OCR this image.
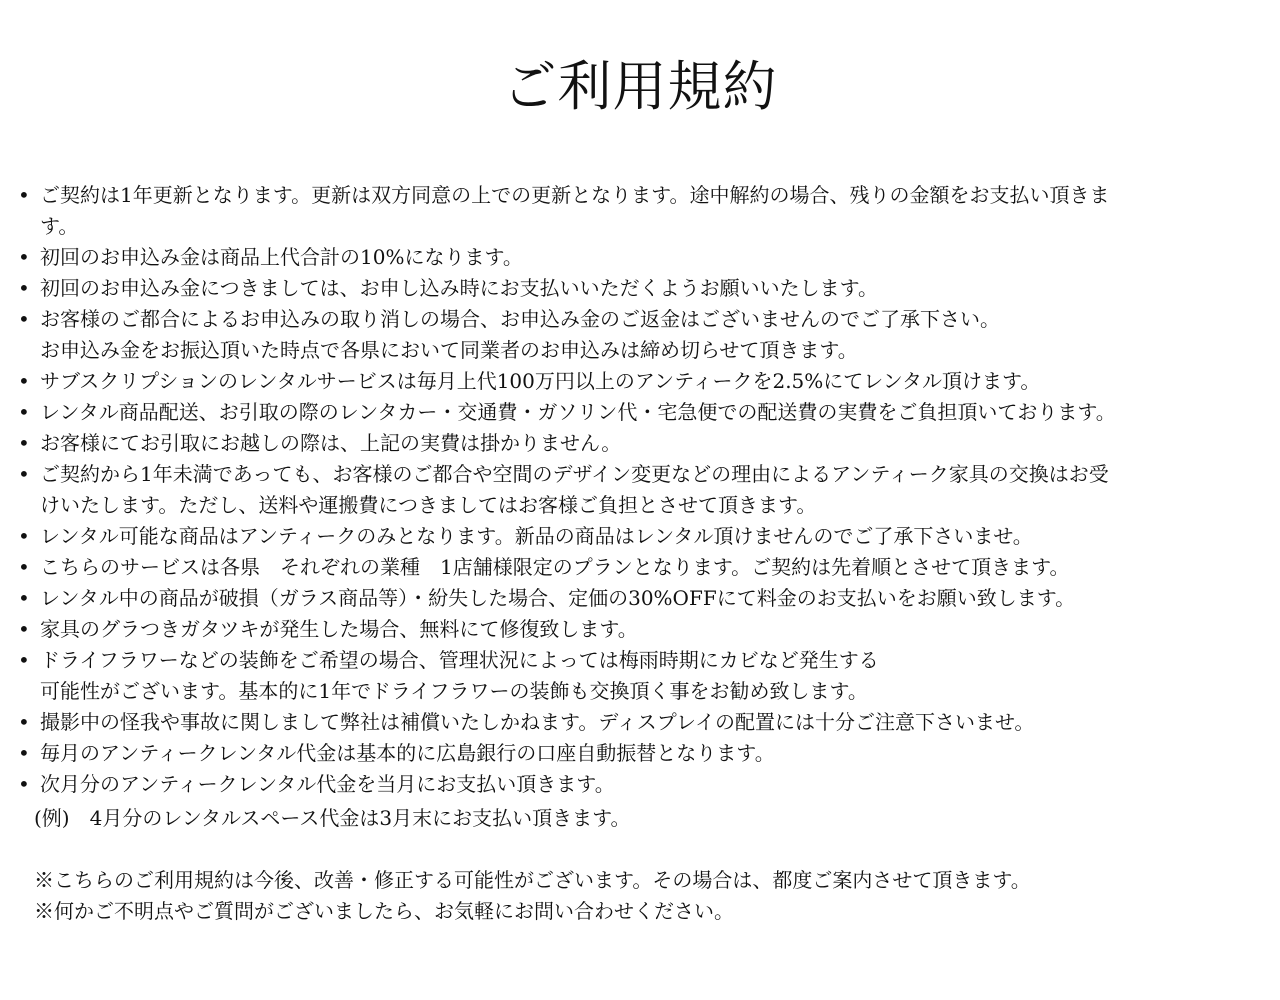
ご利用規約
• ご契約は1年更新となります。更新は双方同意の上での更新となります。途中解約の場合、残りの金額をお支払い頂きま
す。
• 初回のお申込み金は商品上代合計の10%になります。
• 初回のお申込み金につきましては、お申し込み時にお支払いいただくようお願いいたします。
• お客様のご都合によるお申込みの取り消しの場合、お申込み金のご返金はございませんのでご了承下さい。
お申込み金をお振込頂いた時点で各県において同業者のお申込みは締め切らせて頂きます。
• サブスクリプションのレンタルサービスは毎月上代100万円以上のアンティークを2.5%にてレンタル頂けます。
• レンタル商品配送、お引取の際のレンタカー・交通費・ガソリン代・宅急便での配送費の実費をご負担頂いております。
• お客様にてお引取にお越しの際は、上記の実費は掛かりません。
• ご契約から1年未満であっても、お客様のご都合や空間のデザイン変更などの理由によるアンティーク家具の交換はお受
けいたします。ただし、送料や運搬費につきましてはお客様ご負担とさせて頂きます。
• レンタル可能な商品はアンティークのみとなります。新品の商品はレンタル頂けませんのでご了承下さいませ。
• こちらのサービスは各県　それぞれの業種　1店舗様限定のプランとなります。ご契約は先着順とさせて頂きます。
• レンタル中の商品が破損（ガラス商品等）・紛失した場合、定価の30%OFFにて料金のお支払いをお願い致します。
• 家具のグラつきガタツキが発生した場合、無料にて修復致します。
• ドライフラワーなどの装飾をご希望の場合、管理状況によっては梅雨時期にカビなど発生する
可能性がございます。基本的に1年でドライフラワーの装飾も交換頂く事をお勧め致します。
• 撮影中の怪我や事故に関しまして弊社は補償いたしかねます。ディスプレイの配置には十分ご注意下さいませ。
• 毎月のアンティークレンタル代金は基本的に広島銀行の口座自動振替となります。
• 次月分のアンティークレンタル代金を当月にお支払い頂きます。
(例)　4月分のレンタルスペース代金は3月末にお支払い頂きます。
※こちらのご利用規約は今後、改善・修正する可能性がございます。その場合は、都度ご案内させて頂きます。
※何かご不明点やご質問がございましたら、お気軽にお問い合わせください。
